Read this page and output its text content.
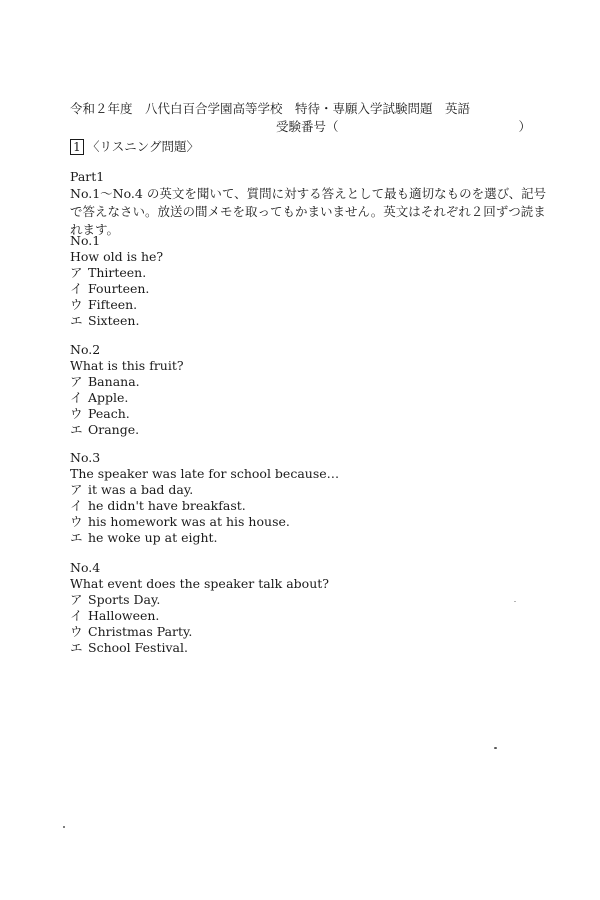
令和２年度　八代白百合学園高等学校　特待・専願入学試験問題　英語
受験番号（	）
1 〈リスニング問題〉
Part1
No.1～No.4 の英文を聞いて、質問に対する答えとして最も適切なものを選び、記号で答えなさい。放送の間メモを取ってもかまいません。英文はそれぞれ２回ずつ読まれます。
No.1
How old is he?
ア Thirteen.
イ Fourteen.
ウ Fifteen.
エ Sixteen.
No.2
What is this fruit?
ア Banana.
イ Apple.
ウ Peach.
エ Orange.
No.3
The speaker was late for school because…
ア it was a bad day.
イ he didn't have breakfast.
ウ his homework was at his house.
エ he woke up at eight.
No.4
What event does the speaker talk about?
ア Sports Day.
イ Halloween.
ウ Christmas Party.
エ School Festival.
